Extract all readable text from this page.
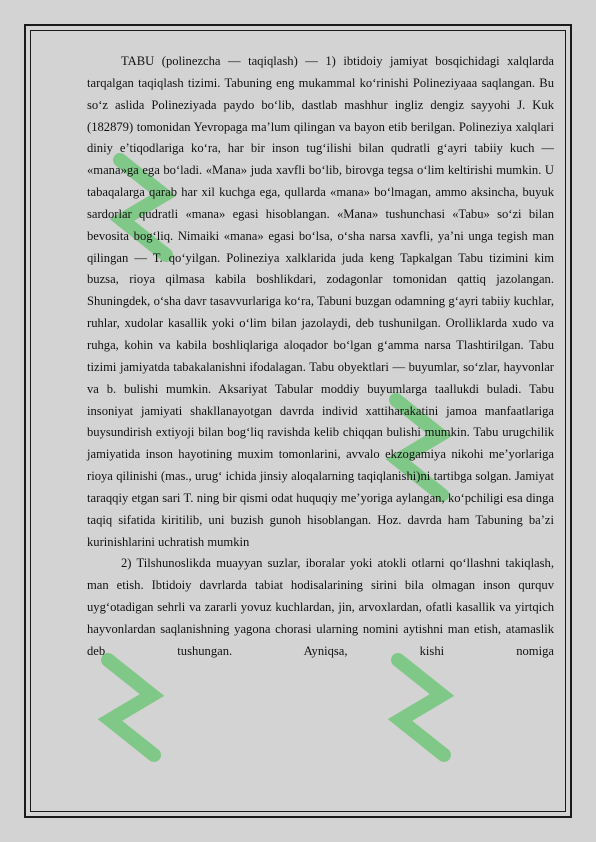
TABU (polinezcha — taqiqlash) — 1) ibtidoiy jamiyat bosqichidagi xalqlarda tarqalgan taqiqlash tizimi. Tabuning eng mukammal ko‘rinishi Polineziyaaa saqlangan. Bu so‘z aslida Polineziyada paydo bo‘lib, dastlab mashhur ingliz dengiz sayyohi J. Kuk (182879) tomonidan Yevropaga ma’lum qilingan va bayon etib berilgan. Polineziya xalqlari diniy e’tiqodlariga ko‘ra, har bir inson tug‘ilishi bilan qudratli g‘ayri tabiiy kuch — «mana»ga ega bo‘ladi. «Mana» juda xavfli bo‘lib, birovga tegsa o‘lim keltirishi mumkin. U tabaqalarga qarab har xil kuchga ega, qullarda «mana» bo‘lmagan, ammo aksincha, buyuk sardorlar qudratli «mana» egasi hisoblangan. «Mana» tushunchasi «Tabu» so‘zi bilan bevosita bog‘liq. Nimaiki «mana» egasi bo‘lsa, o‘sha narsa xavfli, ya’ni unga tegish man qilingan — T. qo‘yilgan. Polineziya xalklarida juda keng Tapkalgan Tabu tizimini kim buzsa, rioya qilmasa kabila boshlikdari, zodagonlar tomonidan qattiq jazolangan. Shuningdek, o‘sha davr tasavvurlariga ko‘ra, Tabuni buzgan odamning g‘ayri tabiiy kuchlar, ruhlar, xudolar kasallik yoki o‘lim bilan jazolaydi, deb tushunilgan. Orolliklarda xudo va ruhga, kohin va kabila boshliqlariga aloqador bo‘lgan g‘amma narsa Tlashtirilgan. Tabu tizimi jamiyatda tabakalanishni ifodalagan. Tabu obyektlari — buyumlar, so‘zlar, hayvonlar va b. bulishi mumkin. Aksariyat Tabular moddiy buyumlarga taallukdi buladi. Tabu insoniyat jamiyati shakllanayotgan davrda individ xattiharakatini jamoa manfaatlariga buysundirish extiyoji bilan bog‘liq ravishda kelib chiqqan bulishi mumkin. Tabu urugchilik jamiyatida inson hayotining muxim tomonlarini, avvalo ekzogamiya nikohi me’yorlariga rioya qilinishi (mas., urug‘ ichida jinsiy aloqalarning taqiqlanishi)ni tartibga solgan. Jamiyat taraqqiy etgan sari T. ning bir qismi odat huquqiy me’yoriga aylangan, ko‘pchiligi esa dinga taqiq sifatida kiritilib, uni buzish gunoh hisoblangan. Hoz. davrda ham Tabuning ba’zi kurinishlarini uchratish mumkin

2) Tilshunoslikda muayyan suzlar, iboralar yoki atokli otlarni qo‘llashni takiqlash, man etish. Ibtidoiy davrlarda tabiat hodisalarining sirini bila olmagan inson qurquv uyg‘otadigan sehrli va zararli yovuz kuchlardan, jin, arvoxlardan, ofatli kasallik va yirtqich hayvonlardan saqlanishning yagona chorasi ularning nomini aytishni man etish, atamaslik deb tushungan. Ayniqsa, kishi nomiga
